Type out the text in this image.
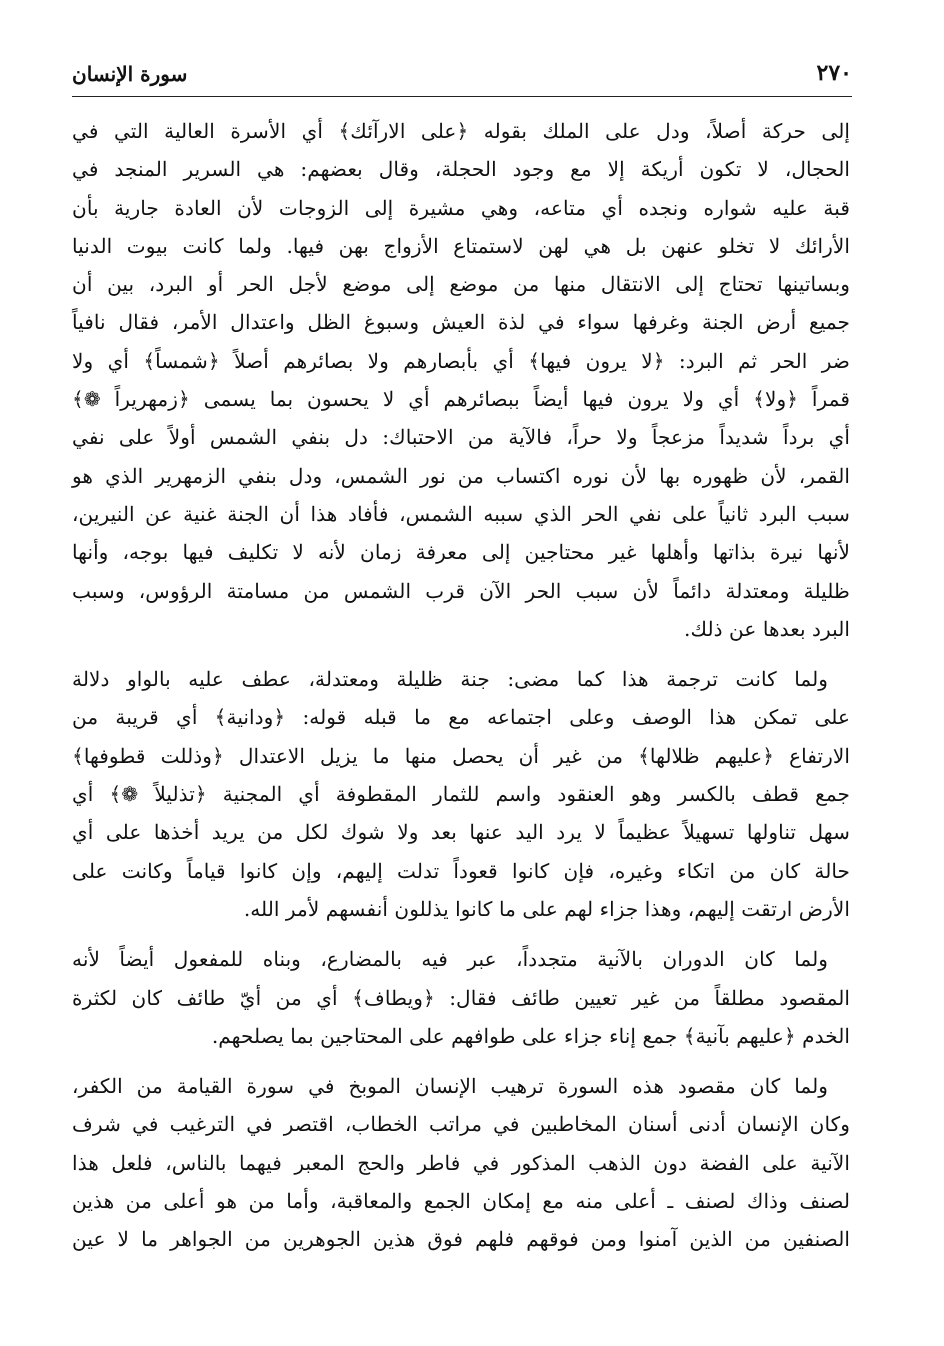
٢٧٠
سورة الإنسان

إلى حركة أصلاً، ودل على الملك بقوله ﴿على الارآئك﴾ أي الأسرة العالية التي في
الحجال، لا تكون أريكة إلا مع وجود الحجلة، وقال بعضهم: هي السرير المنجد في
قبة عليه شواره ونجده أي متاعه، وهي مشيرة إلى الزوجات لأن العادة جارية بأن
الأرائك لا تخلو عنهن بل هي لهن لاستمتاع الأزواج بهن فيها. ولما كانت بيوت الدنيا
وبساتينها تحتاج إلى الانتقال منها من موضع إلى موضع لأجل الحر أو البرد، بين أن
جميع أرض الجنة وغرفها سواء في لذة العيش وسبوغ الظل واعتدال الأمر، فقال نافياً
ضر الحر ثم البرد: ﴿لا يرون فيها﴾ أي بأبصارهم ولا بصائرهم أصلاً ﴿شمساً﴾ أي ولا
قمراً ﴿ولا﴾ أي ولا يرون فيها أيضاً ببصائرهم أي لا يحسون بما يسمى ﴿زمهريراً ❁﴾
أي برداً شديداً مزعجاً ولا حراً، فالآية من الاحتباك: دل بنفي الشمس أولاً على نفي
القمر، لأن ظهوره بها لأن نوره اكتساب من نور الشمس، ودل بنفي الزمهرير الذي هو
سبب البرد ثانياً على نفي الحر الذي سببه الشمس، فأفاد هذا أن الجنة غنية عن النيرين،
لأنها نيرة بذاتها وأهلها غير محتاجين إلى معرفة زمان لأنه لا تكليف فيها بوجه، وأنها
ظليلة ومعتدلة دائماً لأن سبب الحر الآن قرب الشمس من مسامتة الرؤوس، وسبب
البرد بعدها عن ذلك.

ولما كانت ترجمة هذا كما مضى: جنة ظليلة ومعتدلة، عطف عليه بالواو دلالة
على تمكن هذا الوصف وعلى اجتماعه مع ما قبله قوله: ﴿ودانية﴾ أي قريبة من
الارتفاع ﴿عليهم ظلالها﴾ من غير أن يحصل منها ما يزيل الاعتدال ﴿وذللت قطوفها﴾
جمع قطف بالكسر وهو العنقود واسم للثمار المقطوفة أي المجنية ﴿تذليلاً ❁﴾ أي
سهل تناولها تسهيلاً عظيماً لا يرد اليد عنها بعد ولا شوك لكل من يريد أخذها على أي
حالة كان من اتكاء وغيره، فإن كانوا قعوداً تدلت إليهم، وإن كانوا قياماً وكانت على
الأرض ارتقت إليهم، وهذا جزاء لهم على ما كانوا يذللون أنفسهم لأمر الله.

ولما كان الدوران بالآنية متجدداً، عبر فيه بالمضارع، وبناه للمفعول أيضاً لأنه
المقصود مطلقاً من غير تعيين طائف فقال: ﴿ويطاف﴾ أي من أيّ طائف كان لكثرة
الخدم ﴿عليهم بآنية﴾ جمع إناء جزاء على طوافهم على المحتاجين بما يصلحهم.

ولما كان مقصود هذه السورة ترهيب الإنسان الموبخ في سورة القيامة من الكفر،
وكان الإنسان أدنى أسنان المخاطبين في مراتب الخطاب، اقتصر في الترغيب في شرف
الآنية على الفضة دون الذهب المذكور في فاطر والحج المعبر فيهما بالناس، فلعل هذا
لصنف وذاك لصنف ـ أعلى منه مع إمكان الجمع والمعاقبة، وأما من هو أعلى من هذين
الصنفين من الذين آمنوا ومن فوقهم فلهم فوق هذين الجوهرين من الجواهر ما لا عين
